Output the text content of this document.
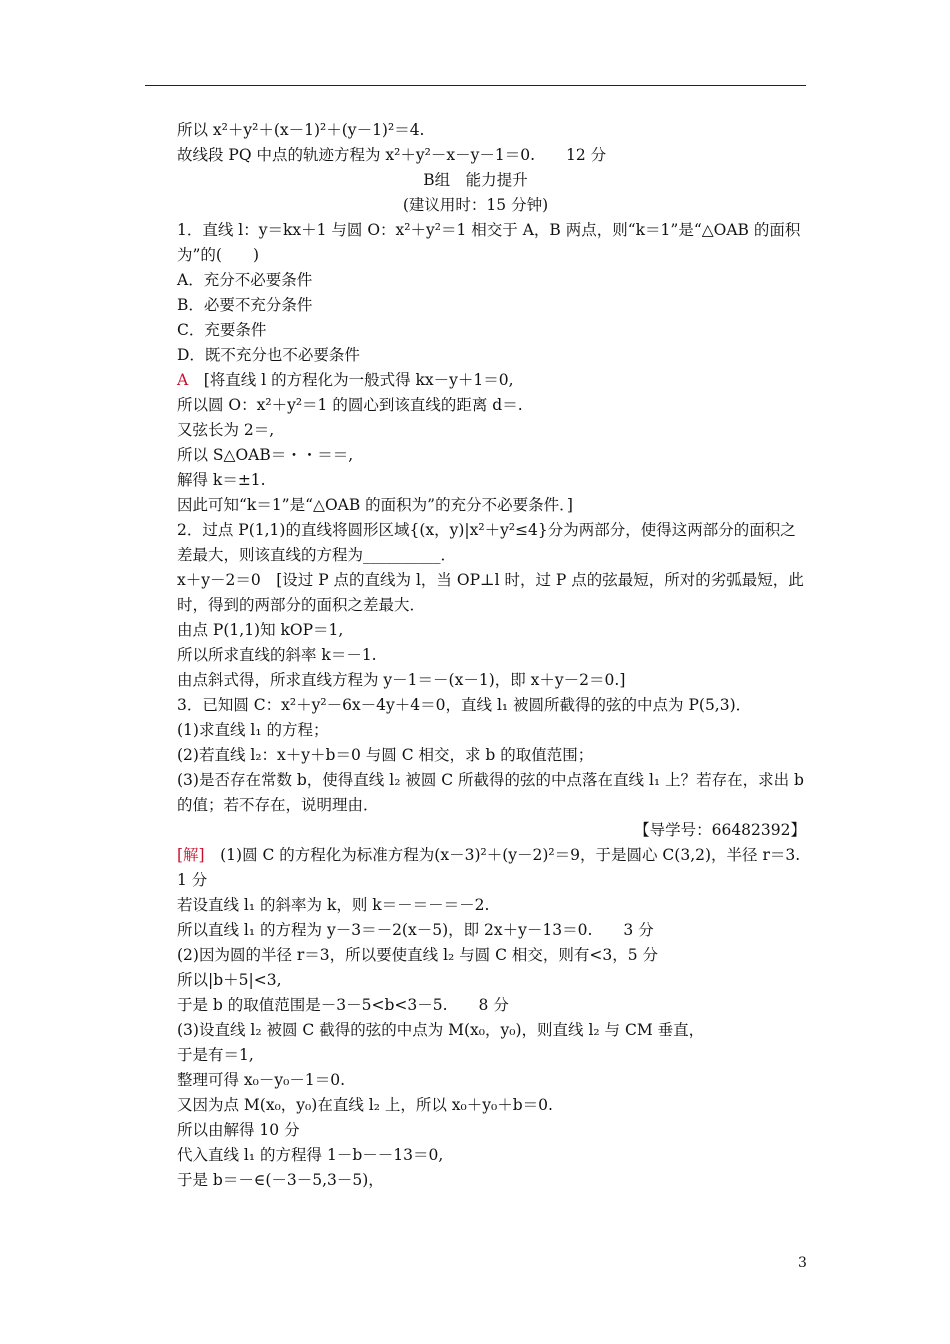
所以 x²＋y²＋(x－1)²＋(y－1)²＝4.
故线段 PQ 中点的轨迹方程为 x²＋y²－x－y－1＝0.　　12 分
B组　能力提升
(建议用时：15 分钟)
1．直线 l：y＝kx＋1 与圆 O：x²＋y²＝1 相交于 A，B 两点，则“k＝1”是“△OAB 的面积为”的(　　)
A．充分不必要条件
B．必要不充分条件
C．充要条件
D．既不充分也不必要条件
A　 [将直线 l 的方程化为一般式得 kx－y＋1＝0,
所以圆 O：x²＋y²＝1 的圆心到该直线的距离 d＝.
又弦长为 2＝,
所以 S△OAB＝・・＝＝,
解得 k＝±1.
因此可知“k＝1”是“△OAB 的面积为”的充分不必要条件．]
2．过点 P(1,1)的直线将圆形区域{(x，y)|x²＋y²≤4}分为两部分，使得这两部分的面积之差最大，则该直线的方程为__________．
x＋y－2＝0　[设过 P 点的直线为 l，当 OP⊥l 时，过 P 点的弦最短，所对的劣弧最短，此时，得到的两部分的面积之差最大．
由点 P(1,1)知 kOP＝1,
所以所求直线的斜率 k＝－1.
由点斜式得，所求直线方程为 y－1＝－(x－1)，即 x＋y－2＝0.]
3．已知圆 C：x²＋y²－6x－4y＋4＝0，直线 l₁ 被圆所截得的弦的中点为 P(5,3)．
(1)求直线 l₁ 的方程；
(2)若直线 l₂：x＋y＋b＝0 与圆 C 相交，求 b 的取值范围；
(3)是否存在常数 b，使得直线 l₂ 被圆 C 所截得的弦的中点落在直线 l₁ 上？若存在，求出 b 的值；若不存在，说明理由．
【导学号：66482392】
[解]　 (1)圆 C 的方程化为标准方程为(x－3)²＋(y－2)²＝9，于是圆心 C(3,2)，半径 r＝3.　　1 分
若设直线 l₁ 的斜率为 k，则 k＝－＝－＝－2.
所以直线 l₁ 的方程为 y－3＝－2(x－5)，即 2x＋y－13＝0.　　3 分
(2)因为圆的半径 r＝3，所以要使直线 l₂ 与圆 C 相交，则有<3，5 分
所以|b＋5|<3,
于是 b 的取值范围是－3－5<b<3－5.　　8 分
(3)设直线 l₂ 被圆 C 截得的弦的中点为 M(x₀，y₀)，则直线 l₂ 与 CM 垂直，
于是有＝1,
整理可得 x₀－y₀－1＝0.
又因为点 M(x₀，y₀)在直线 l₂ 上，所以 x₀＋y₀＋b＝0.
所以由解得 10 分
代入直线 l₁ 的方程得 1－b－－13＝0,
于是 b＝－∈(－3－5,3－5)，
3
